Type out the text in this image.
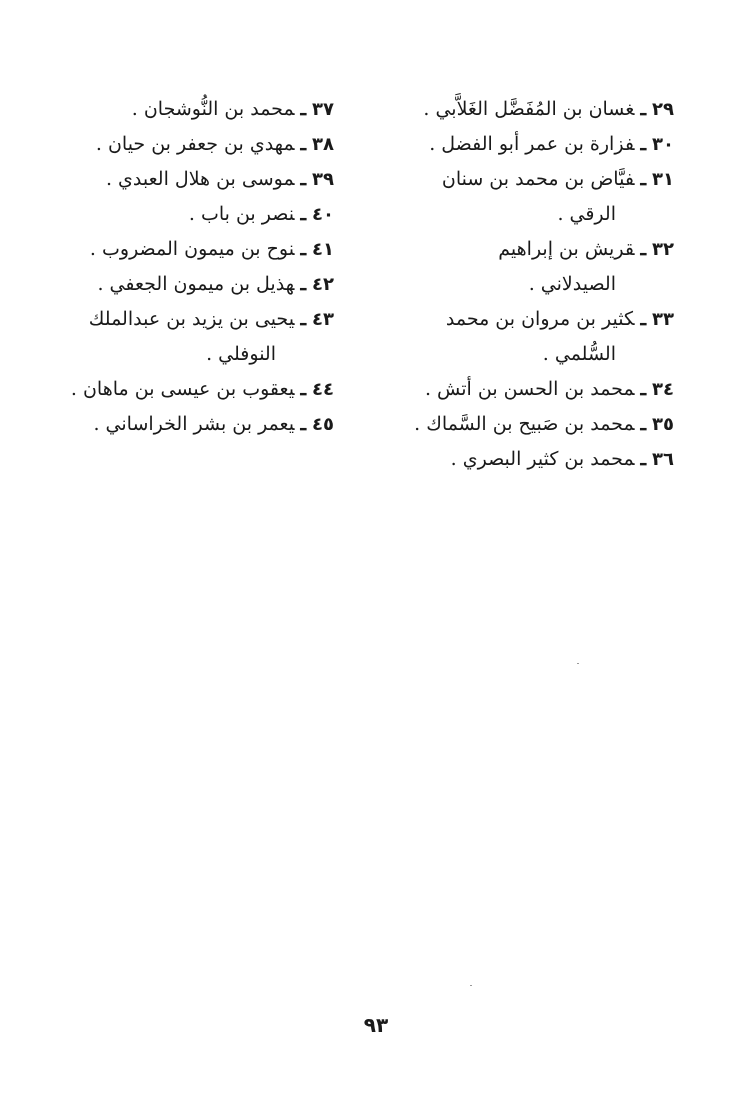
٢٩ـغسان بن المُفَضَّل الغَلاَّبي .

٣٠ـفزارة بن عمر أبو الفضل .

٣١ـفيَّاض بن محمد بن سنان
الرقي .

٣٢ـقريش بن إبراهيم
الصيدلاني .

٣٣ـكثير بن مروان بن محمد
السُّلمي .

٣٤ـمحمد بن الحسن بن أتش .

٣٥ـمحمد بن صَبيح بن السَّماك .

٣٦ـمحمد بن كثير البصري .

٣٧ـمحمد بن النُّوشجان .

٣٨ـمهدي بن جعفر بن حيان .

٣٩ـموسى بن هلال العبدي .

٤٠ـنصر بن باب .

٤١ـنوح بن ميمون المضروب .

٤٢ـهذيل بن ميمون الجعفي .

٤٣ـيحيى بن يزيد بن عبدالملك
النوفلي .

٤٤ـيعقوب بن عيسى بن ماهان .

٤٥ـيعمر بن بشر الخراساني .

٩٣
